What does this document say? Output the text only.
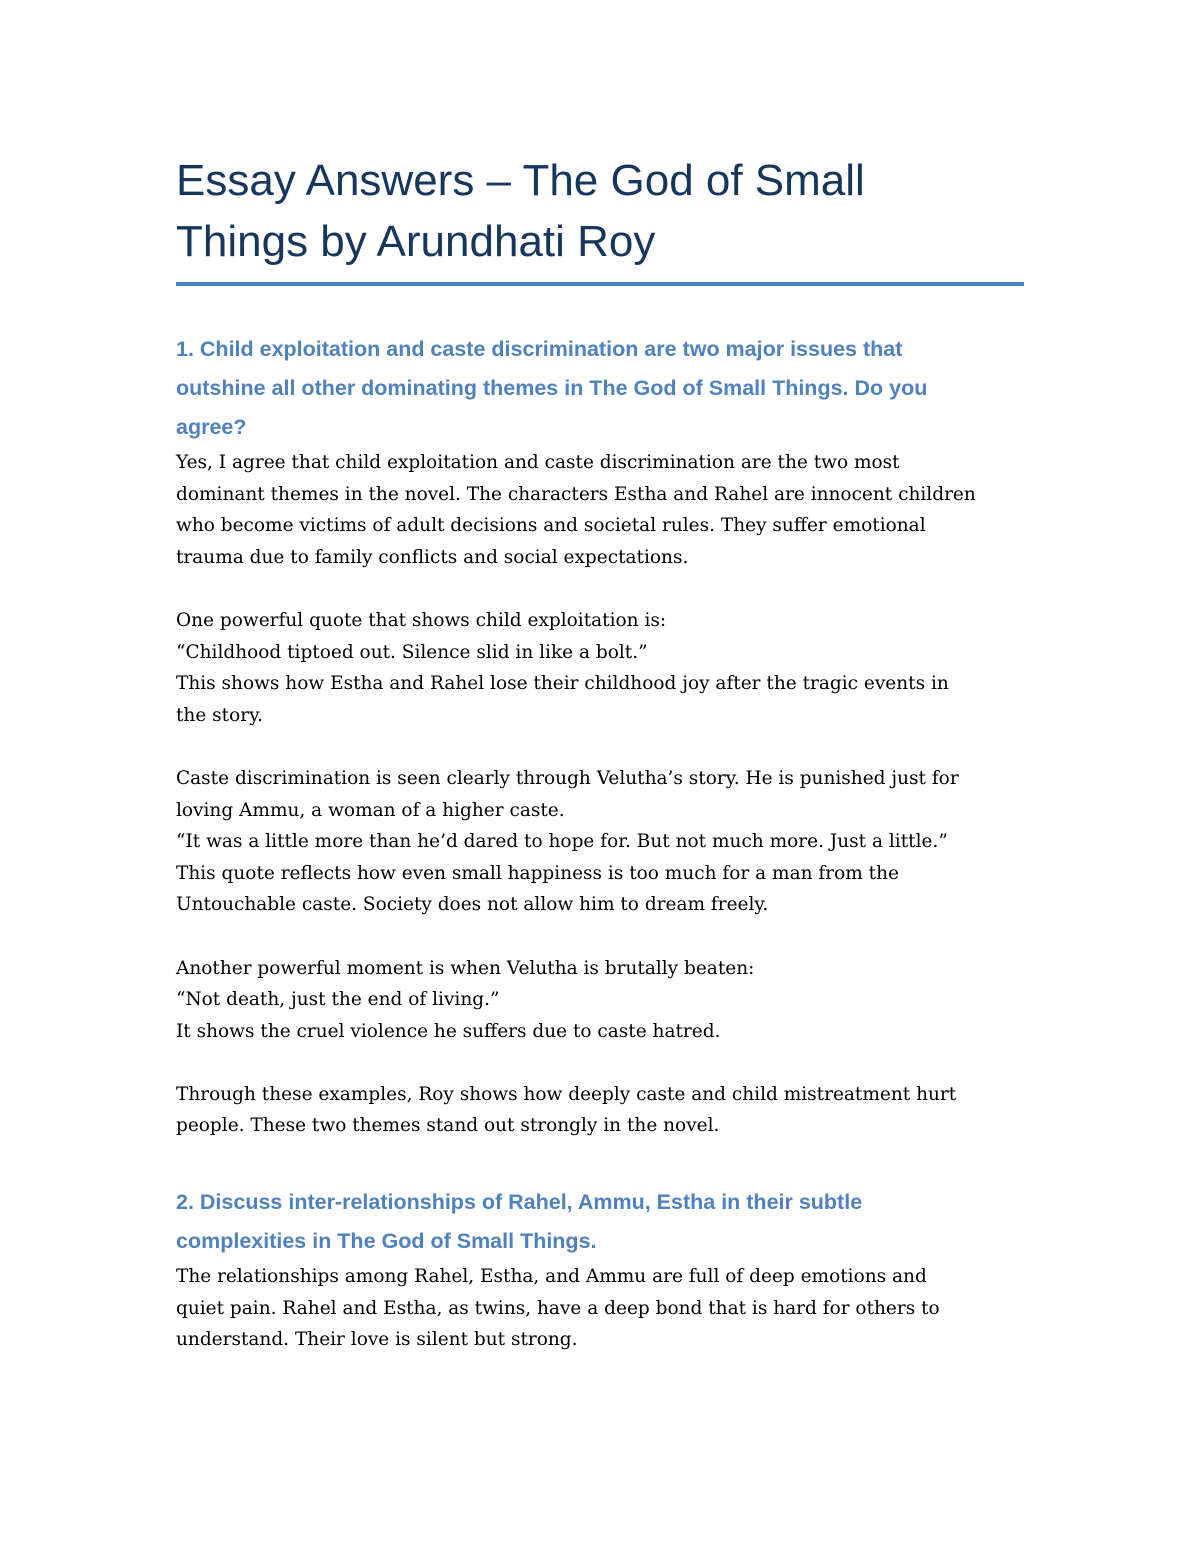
Essay Answers – The God of Small
Things by Arundhati Roy
1. Child exploitation and caste discrimination are two major issues that
outshine all other dominating themes in The God of Small Things. Do you
agree?

Yes, I agree that child exploitation and caste discrimination are the two most
dominant themes in the novel. The characters Estha and Rahel are innocent children
who become victims of adult decisions and societal rules. They suffer emotional
trauma due to family conflicts and social expectations.

One powerful quote that shows child exploitation is:
“Childhood tiptoed out. Silence slid in like a bolt.”
This shows how Estha and Rahel lose their childhood joy after the tragic events in
the story.

Caste discrimination is seen clearly through Velutha’s story. He is punished just for
loving Ammu, a woman of a higher caste.
“It was a little more than he’d dared to hope for. But not much more. Just a little.”
This quote reflects how even small happiness is too much for a man from the
Untouchable caste. Society does not allow him to dream freely.

Another powerful moment is when Velutha is brutally beaten:
“Not death, just the end of living.”
It shows the cruel violence he suffers due to caste hatred.

Through these examples, Roy shows how deeply caste and child mistreatment hurt
people. These two themes stand out strongly in the novel.

2. Discuss inter-relationships of Rahel, Ammu, Estha in their subtle
complexities in The God of Small Things.

The relationships among Rahel, Estha, and Ammu are full of deep emotions and
quiet pain. Rahel and Estha, as twins, have a deep bond that is hard for others to
understand. Their love is silent but strong.
